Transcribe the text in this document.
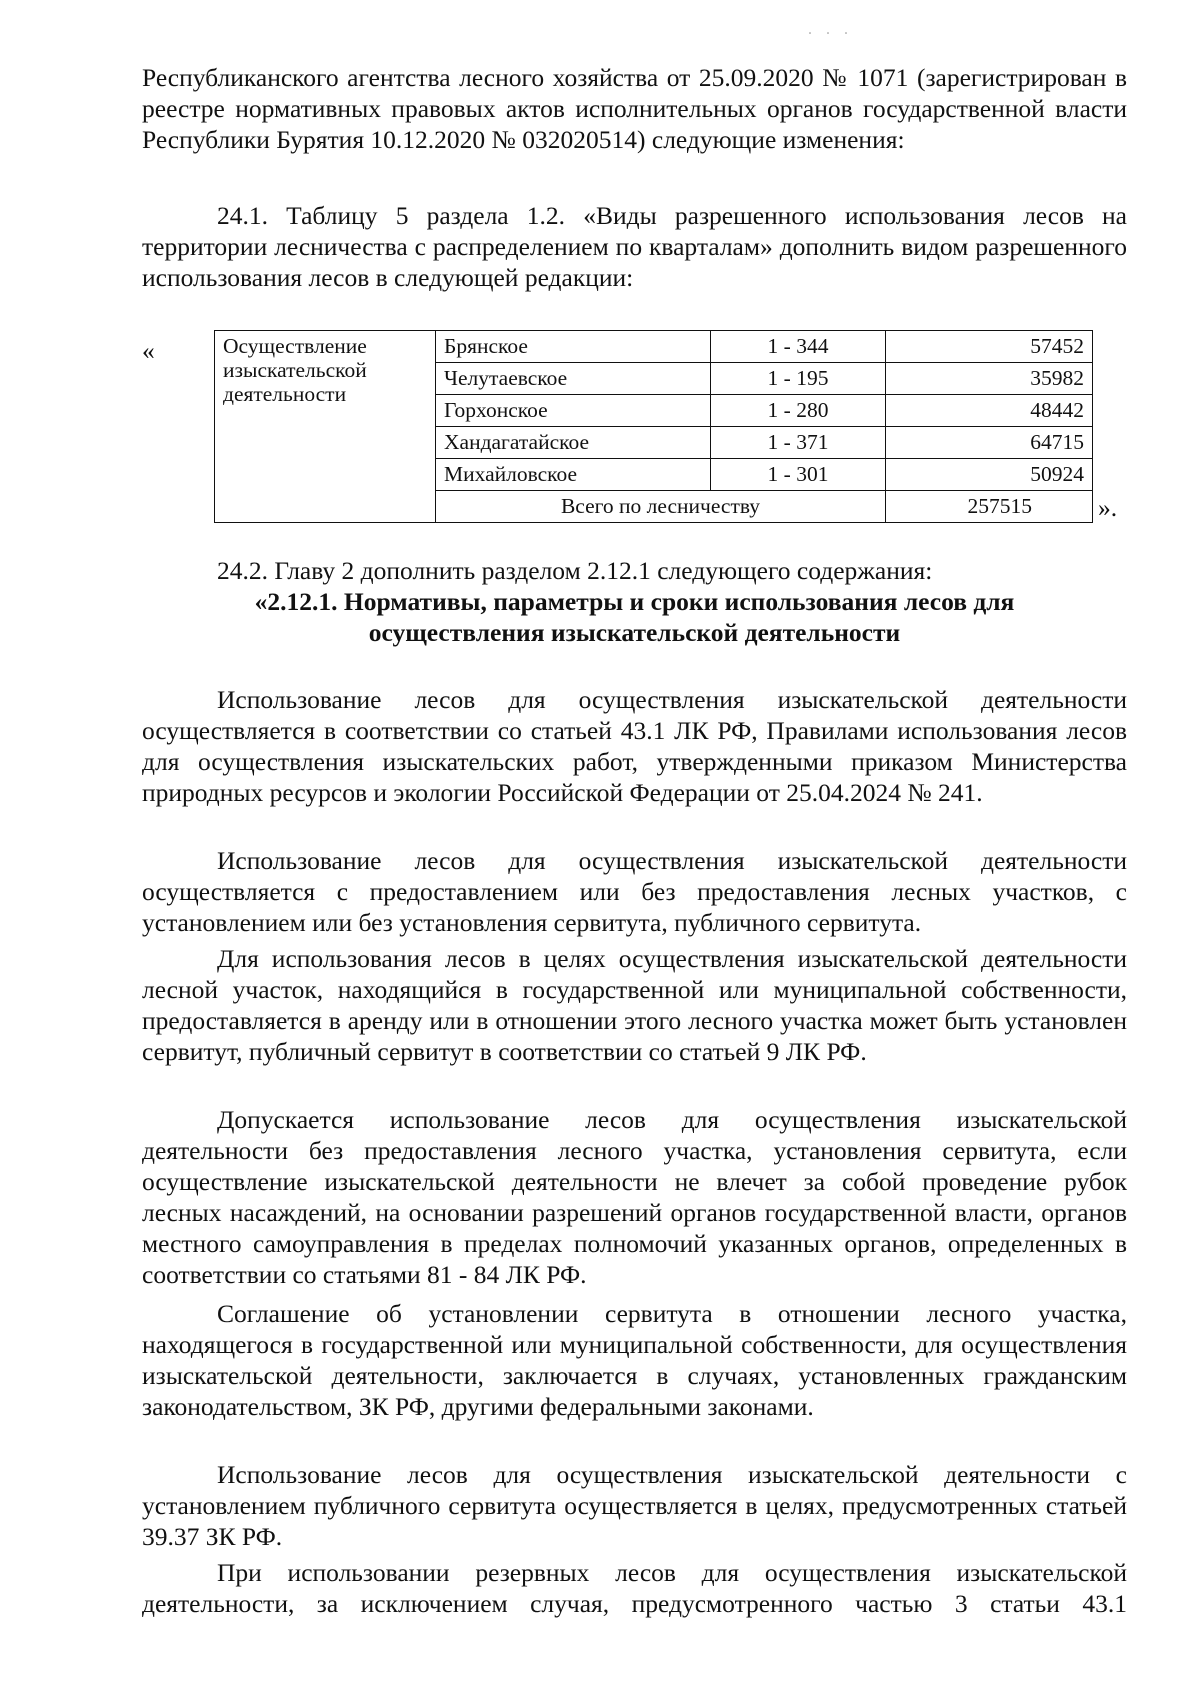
Республиканского агентства лесного хозяйства от 25.09.2020 № 1071 (зарегистрирован в реестре нормативных правовых актов исполнительных органов государственной власти Республики Бурятия 10.12.2020 № 032020514) следующие изменения:

24.1. Таблицу 5 раздела 1.2. «Виды разрешенного использования лесов на территории лесничества с распределением по кварталам» дополнить видом разрешенного использования лесов в следующей редакции:

«	Осуществление изыскательской деятельности	Брянское	1 - 344	57452
	Челутаевское	1 - 195	35982
	Горхонское	1 - 280	48442
	Хандагатайское	1 - 371	64715
	Михайловское	1 - 301	50924
	Всего по лесничеству		257515	».

24.2. Главу 2 дополнить разделом 2.12.1 следующего содержания:

«2.12.1. Нормативы, параметры и сроки использования лесов для

осуществления изыскательской деятельности

Использование лесов для осуществления изыскательской деятельности осуществляется в соответствии со статьей 43.1 ЛК РФ, Правилами использования лесов для осуществления изыскательских работ, утвержденными приказом Министерства природных ресурсов и экологии Российской Федерации от 25.04.2024 № 241.

Использование лесов для осуществления изыскательской деятельности осуществляется с предоставлением или без предоставления лесных участков, с установлением или без установления сервитута, публичного сервитута.

Для использования лесов в целях осуществления изыскательской деятельности лесной участок, находящийся в государственной или муниципальной собственности, предоставляется в аренду или в отношении этого лесного участка может быть установлен сервитут, публичный сервитут в соответствии со статьей 9 ЛК РФ.

Допускается использование лесов для осуществления изыскательской деятельности без предоставления лесного участка, установления сервитута, если осуществление изыскательской деятельности не влечет за собой проведение рубок лесных насаждений, на основании разрешений органов государственной власти, органов местного самоуправления в пределах полномочий указанных органов, определенных в соответствии со статьями 81 - 84 ЛК РФ.

Соглашение об установлении сервитута в отношении лесного участка, находящегося в государственной или муниципальной собственности, для осуществления изыскательской деятельности, заключается в случаях, установленных гражданским законодательством, ЗК РФ, другими федеральными законами.

Использование лесов для осуществления изыскательской деятельности с установлением публичного сервитута осуществляется в целях, предусмотренных статьей 39.37 ЗК РФ.

При использовании резервных лесов для осуществления изыскательской деятельности, за исключением случая, предусмотренного частью 3 статьи 43.1
